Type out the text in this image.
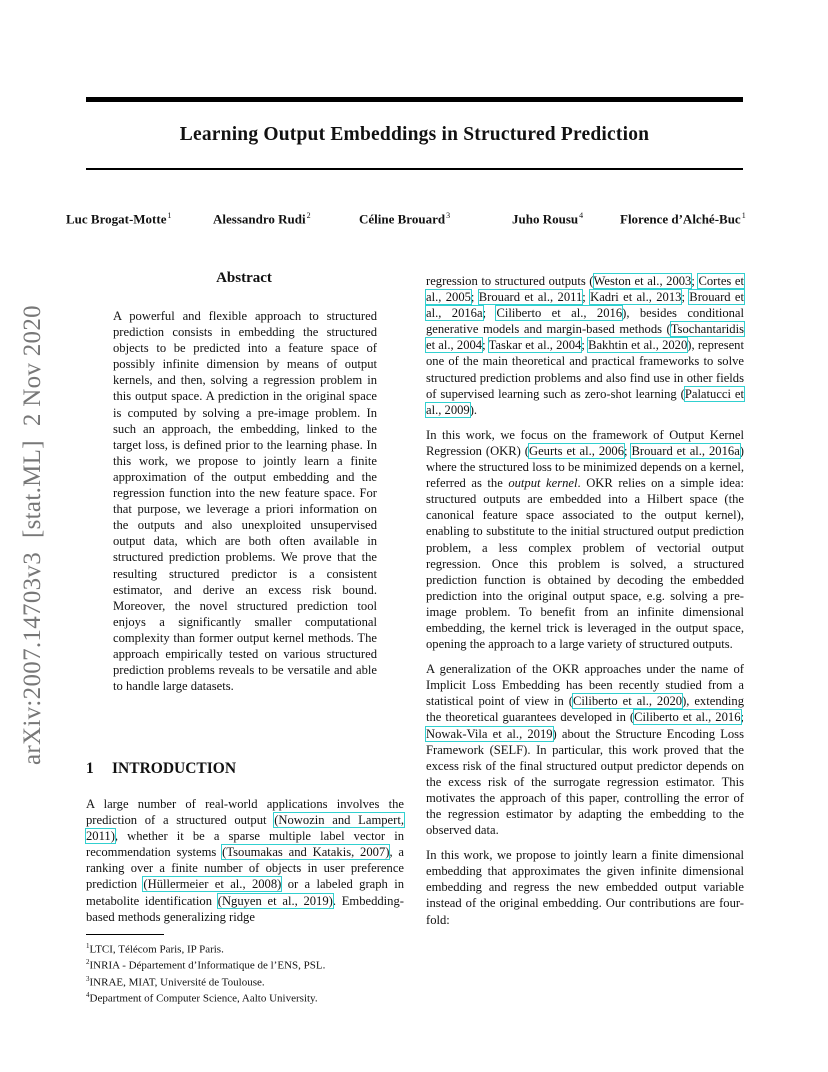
Learning Output Embeddings in Structured Prediction
Luc Brogat-Motte$^1$	Alessandro Rudi$^2$	Céline Brouard$^3$	Juho Rousu$^4$	Florence d’Alché-Buc$^1$
arXiv:2007.14703v3[stat.ML]2 Nov 2020
Abstract
A powerful and flexible approach to structured prediction consists in embedding the structured objects to be predicted into a feature space of possibly infinite dimension by means of output kernels, and then, solving a regression problem in this output space. A prediction in the original space is computed by solving a pre-image problem. In such an approach, the embedding, linked to the target loss, is defined prior to the learning phase. In this work, we propose to jointly learn a finite approximation of the output embedding and the regression function into the new feature space. For that purpose, we leverage a priori information on the outputs and also unexploited unsupervised output data, which are both often available in structured prediction problems. We prove that the resulting structured predictor is a consistent estimator, and derive an excess risk bound. Moreover, the novel structured prediction tool enjoys a significantly smaller computational complexity than former output kernel methods. The approach empirically tested on various structured prediction problems reveals to be versatile and able to handle large datasets.
1 INTRODUCTION
A large number of real-world applications involves the prediction of a structured output (Nowozin and Lampert, 2011), whether it be a sparse multiple label vector in recommendation systems (Tsoumakas and Katakis, 2007), a ranking over a finite number of objects in user preference prediction (Hüllermeier et al., 2008) or a labeled graph in metabolite identification (Nguyen et al., 2019). Embedding-based methods generalizing ridge
$^1$LTCI, Télécom Paris, IP Paris.
$^2$INRIA - Département d’Informatique de l’ENS, PSL.
$^3$INRAE, MIAT, Université de Toulouse.
$^4$Department of Computer Science, Aalto University.

regression to structured outputs (Weston et al., 2003; Cortes et al., 2005; Brouard et al., 2011; Kadri et al., 2013; Brouard et al., 2016a; Ciliberto et al., 2016), besides conditional generative models and margin-based methods (Tsochantaridis et al., 2004; Taskar et al., 2004; Bakhtin et al., 2020), represent one of the main theoretical and practical frameworks to solve structured prediction problems and also find use in other fields of supervised learning such as zero-shot learning (Palatucci et al., 2009).

In this work, we focus on the framework of Output Kernel Regression (OKR) (Geurts et al., 2006; Brouard et al., 2016a) where the structured loss to be minimized depends on a kernel, referred as the output kernel. OKR relies on a simple idea: structured outputs are embedded into a Hilbert space (the canonical feature space associated to the output kernel), enabling to substitute to the initial structured output prediction problem, a less complex problem of vectorial output regression. Once this problem is solved, a structured prediction function is obtained by decoding the embedded prediction into the original output space, e.g. solving a pre-image problem. To benefit from an infinite dimensional embedding, the kernel trick is leveraged in the output space, opening the approach to a large variety of structured outputs.

A generalization of the OKR approaches under the name of Implicit Loss Embedding has been recently studied from a statistical point of view in (Ciliberto et al., 2020), extending the theoretical guarantees developed in (Ciliberto et al., 2016; Nowak-Vila et al., 2019) about the Structure Encoding Loss Framework (SELF). In particular, this work proved that the excess risk of the final structured output predictor depends on the excess risk of the surrogate regression estimator. This motivates the approach of this paper, controlling the error of the regression estimator by adapting the embedding to the observed data.

In this work, we propose to jointly learn a finite dimensional embedding that approximates the given infinite dimensional embedding and regress the new embedded output variable instead of the original embedding. Our contributions are four-fold:
